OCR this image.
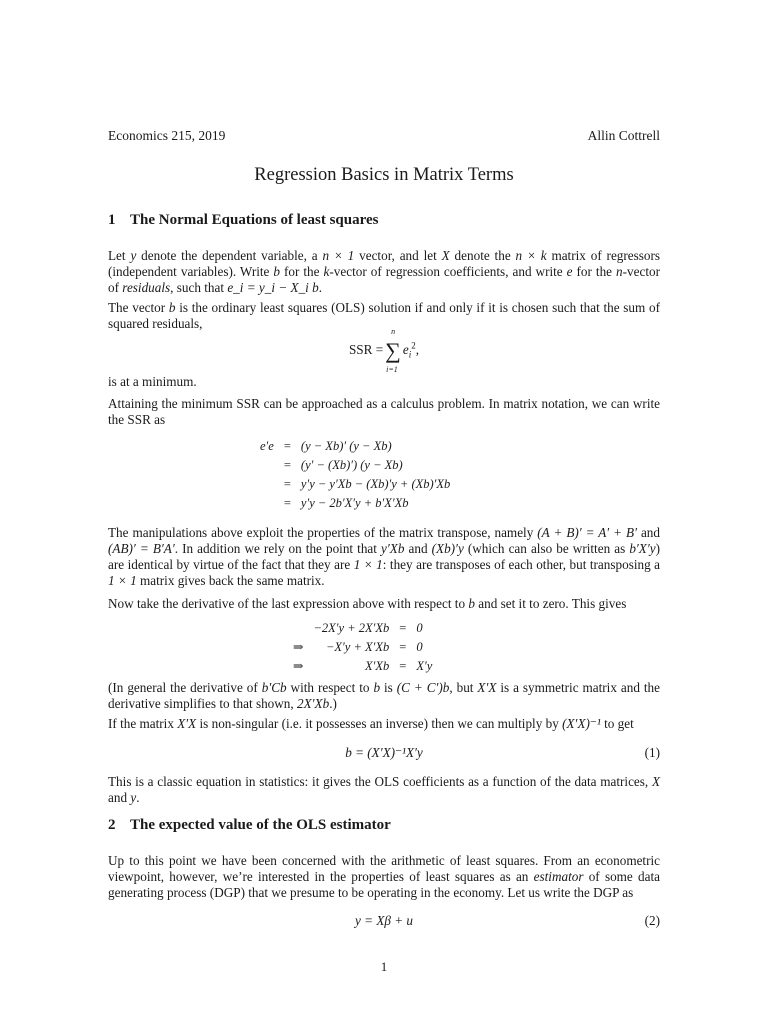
Economics 215, 2019	Allin Cottrell
Regression Basics in Matrix Terms
1 The Normal Equations of least squares
Let y denote the dependent variable, a n × 1 vector, and let X denote the n × k matrix of regressors (independent variables). Write b for the k-vector of regression coefficients, and write e for the n-vector of residuals, such that e_i = y_i − X_i b.
The vector b is the ordinary least squares (OLS) solution if and only if it is chosen such that the sum of squared residuals,
SSR =∑
n
i=1
$e_i^2$,
is at a minimum.
Attaining the minimum SSR can be approached as a calculus problem. In matrix notation, we can write the SSR as
e′e	=	(y − Xb)′ (y − Xb)
	=	(y′ − (Xb)′) (y − Xb)
	=	y′y − y′Xb − (Xb)′y + (Xb)′Xb
	=	y′y − 2b′X′y + b′X′Xb
The manipulations above exploit the properties of the matrix transpose, namely (A + B)′ = A′ + B′ and (AB)′ = B′A′. In addition we rely on the point that y′Xb and (Xb)′y (which can also be written as b′X′y) are identical by virtue of the fact that they are 1 × 1: they are transposes of each other, but transposing a 1 × 1 matrix gives back the same matrix.
Now take the derivative of the last expression above with respect to b and set it to zero. This gives
	−2X′y + 2X′Xb	=	0
⇒	−X′y + X′Xb	=	0
⇒	X′Xb	=	X′y
(In general the derivative of b′Cb with respect to b is (C + C′)b, but X′X is a symmetric matrix and the derivative simplifies to that shown, 2X′Xb.)
If the matrix X′X is non-singular (i.e. it possesses an inverse) then we can multiply by (X′X)⁻¹ to get
b = (X′X)⁻¹X′y	(1)
This is a classic equation in statistics: it gives the OLS coefficients as a function of the data matrices, X and y.
2 The expected value of the OLS estimator
Up to this point we have been concerned with the arithmetic of least squares. From an econometric viewpoint, however, we’re interested in the properties of least squares as an estimator of some data generating process (DGP) that we presume to be operating in the economy. Let us write the DGP as
y = Xβ + u	(2)
1
